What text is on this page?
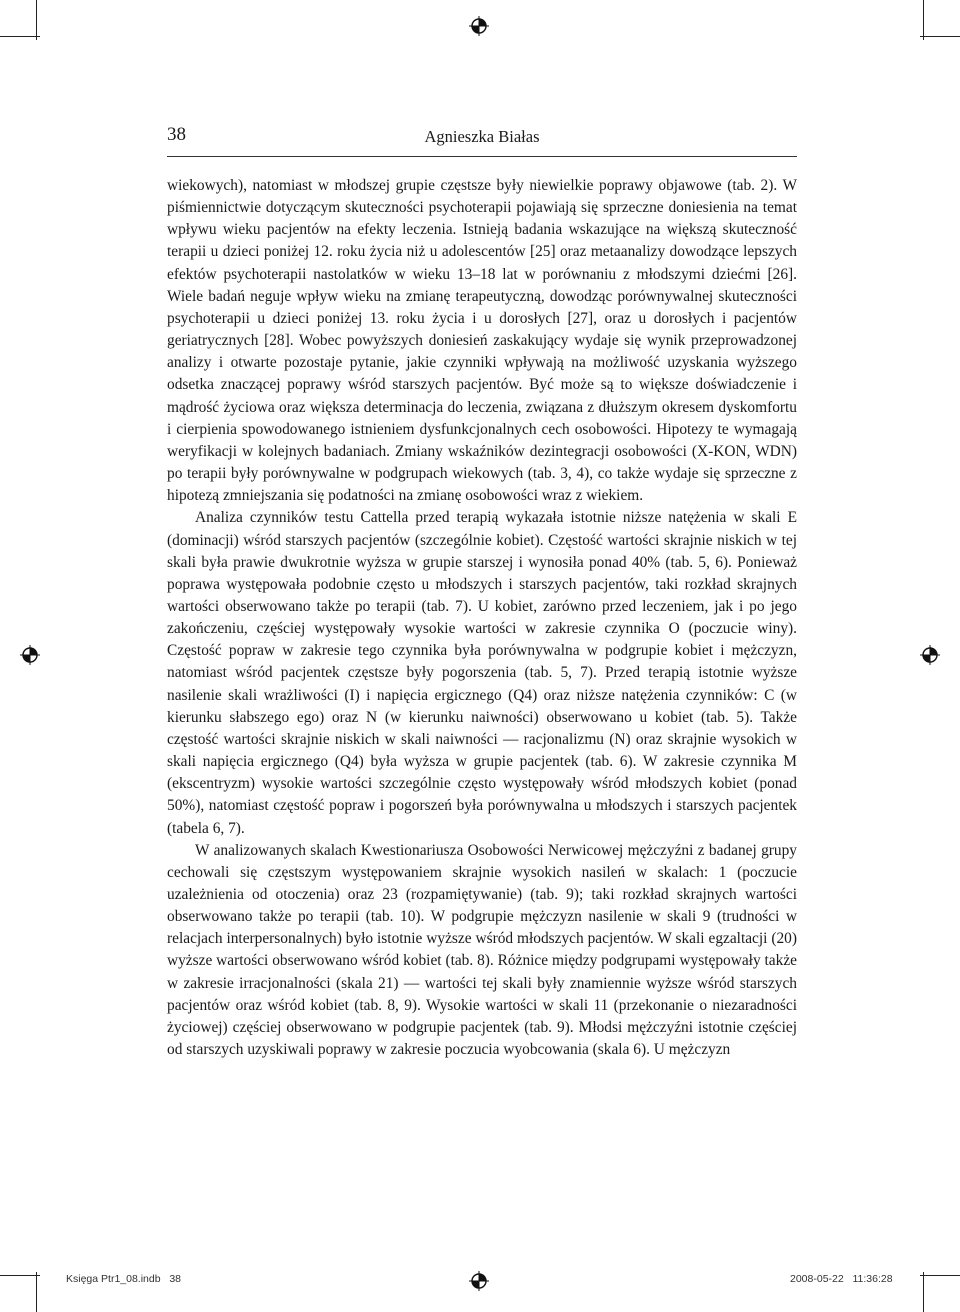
38	Agnieszka Białas

wiekowych), natomiast w młodszej grupie częstsze były niewielkie poprawy objawowe (tab. 2). W piśmiennictwie dotyczącym skuteczności psychoterapii pojawiają się sprzeczne doniesienia na temat wpływu wieku pacjentów na efekty leczenia. Istnieją badania wskazujące na większą skuteczność terapii u dzieci poniżej 12. roku życia niż u adolescentów [25] oraz metaanalizy dowodzące lepszych efektów psychoterapii nastolatków w wieku 13–18 lat w porównaniu z młodszymi dziećmi [26]. Wiele badań neguje wpływ wieku na zmianę terapeutyczną, dowodząc porównywalnej skuteczności psychoterapii u dzieci poniżej 13. roku życia i u dorosłych [27], oraz u dorosłych i pacjentów geriatrycznych [28]. Wobec powyższych doniesień zaskakujący wydaje się wynik przeprowadzonej analizy i otwarte pozostaje pytanie, jakie czynniki wpływają na możliwość uzyskania wyższego odsetka znaczącej poprawy wśród starszych pacjentów. Być może są to większe doświadczenie i mądrość życiowa oraz większa determinacja do leczenia, związana z dłuższym okresem dyskomfortu i cierpienia spowodowanego istnieniem dysfunkcjonalnych cech osobowości. Hipotezy te wymagają weryfikacji w kolejnych badaniach. Zmiany wskaźników dezintegracji osobowości (X-KON, WDN) po terapii były porównywalne w podgrupach wiekowych (tab. 3, 4), co także wydaje się sprzeczne z hipotezą zmniejszania się podatności na zmianę osobowości wraz z wiekiem.

Analiza czynników testu Cattella przed terapią wykazała istotnie niższe natężenia w skali E (dominacji) wśród starszych pacjentów (szczególnie kobiet). Częstość wartości skrajnie niskich w tej skali była prawie dwukrotnie wyższa w grupie starszej i wynosiła ponad 40% (tab. 5, 6). Ponieważ poprawa występowała podobnie często u młodszych i starszych pacjentów, taki rozkład skrajnych wartości obserwowano także po terapii (tab. 7). U kobiet, zarówno przed leczeniem, jak i po jego zakończeniu, częściej występowały wysokie wartości w zakresie czynnika O (poczucie winy). Częstość popraw w zakresie tego czynnika była porównywalna w podgrupie kobiet i mężczyzn, natomiast wśród pacjentek częstsze były pogorszenia (tab. 5, 7). Przed terapią istotnie wyższe nasilenie skali wrażliwości (I) i napięcia ergicznego (Q4) oraz niższe natężenia czynników: C (w kierunku słabszego ego) oraz N (w kierunku naiwności) obserwowano u kobiet (tab. 5). Także częstość wartości skrajnie niskich w skali naiwności — racjonalizmu (N) oraz skrajnie wysokich w skali napięcia ergicznego (Q4) była wyższa w grupie pacjentek (tab. 6). W zakresie czynnika M (ekscentryzm) wysokie wartości szczególnie często występowały wśród młodszych kobiet (ponad 50%), natomiast częstość popraw i pogorszeń była porównywalna u młodszych i starszych pacjentek (tabela 6, 7).

W analizowanych skalach Kwestionariusza Osobowości Nerwicowej mężczyźni z badanej grupy cechowali się częstszym występowaniem skrajnie wysokich nasileń w skalach: 1 (poczucie uzależnienia od otoczenia) oraz 23 (rozpamiętywanie) (tab. 9); taki rozkład skrajnych wartości obserwowano także po terapii (tab. 10). W podgrupie mężczyzn nasilenie w skali 9 (trudności w relacjach interpersonalnych) było istotnie wyższe wśród młodszych pacjentów. W skali egzaltacji (20) wyższe wartości obserwowano wśród kobiet (tab. 8). Różnice między podgrupami występowały także w zakresie irracjonalności (skala 21) — wartości tej skali były znamiennie wyższe wśród starszych pacjentów oraz wśród kobiet (tab. 8, 9). Wysokie wartości w skali 11 (przekonanie o niezaradności życiowej) częściej obserwowano w podgrupie pacjentek (tab. 9). Młodsi mężczyźni istotnie częściej od starszych uzyskiwali poprawy w zakresie poczucia wyobcowania (skala 6). U mężczyzn

Księga Ptr1_08.indb   38	2008-05-22   11:36:28
